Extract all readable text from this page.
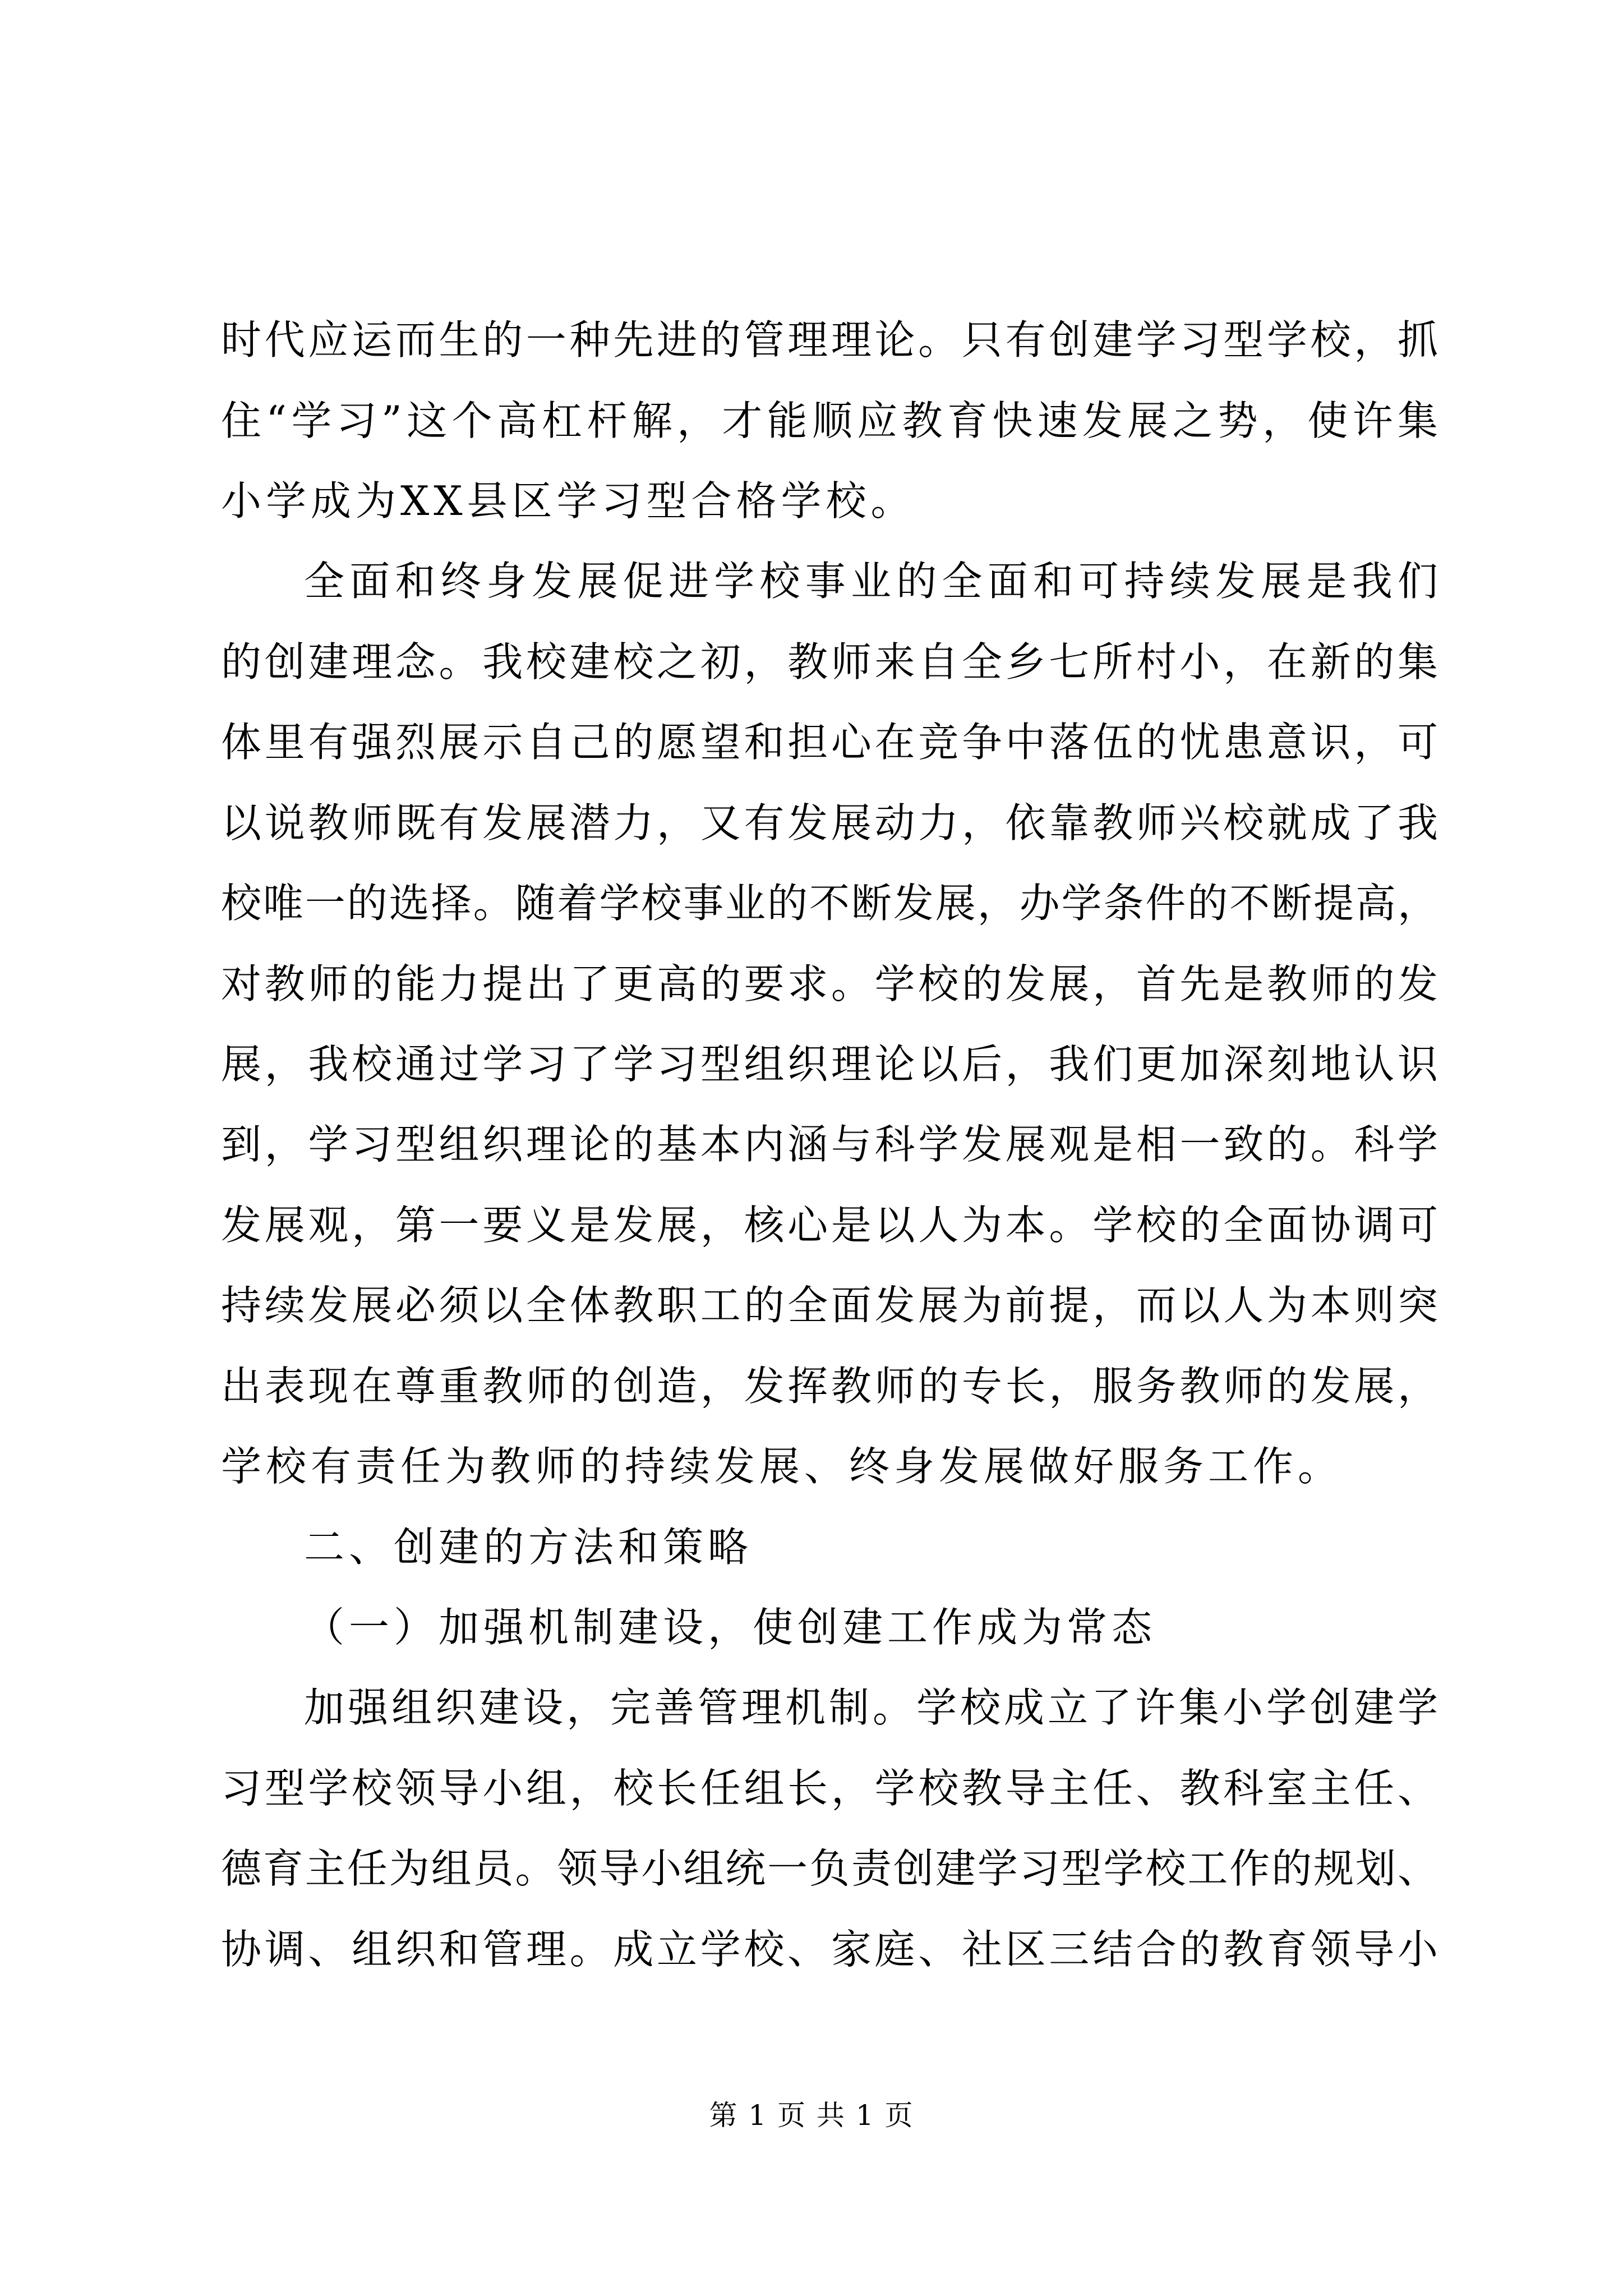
时代应运而生的一种先进的管理理论。只有创建学习型学校，抓
住“学习”这个高杠杆解，才能顺应教育快速发展之势，使许集
小学成为XX县区学习型合格学校。
全面和终身发展促进学校事业的全面和可持续发展是我们
的创建理念。我校建校之初，教师来自全乡七所村小，在新的集
体里有强烈展示自己的愿望和担心在竞争中落伍的忧患意识，可
以说教师既有发展潜力，又有发展动力，依靠教师兴校就成了我
校唯一的选择。随着学校事业的不断发展，办学条件的不断提高，
对教师的能力提出了更高的要求。学校的发展，首先是教师的发
展，我校通过学习了学习型组织理论以后，我们更加深刻地认识
到，学习型组织理论的基本内涵与科学发展观是相一致的。科学
发展观，第一要义是发展，核心是以人为本。学校的全面协调可
持续发展必须以全体教职工的全面发展为前提，而以人为本则突
出表现在尊重教师的创造，发挥教师的专长，服务教师的发展，
学校有责任为教师的持续发展、终身发展做好服务工作。
二、创建的方法和策略
（一）加强机制建设，使创建工作成为常态
加强组织建设，完善管理机制。学校成立了许集小学创建学
习型学校领导小组，校长任组长，学校教导主任、教科室主任、
德育主任为组员。领导小组统一负责创建学习型学校工作的规划、
协调、组织和管理。成立学校、家庭、社区三结合的教育领导小
第 1 页 共 1 页
